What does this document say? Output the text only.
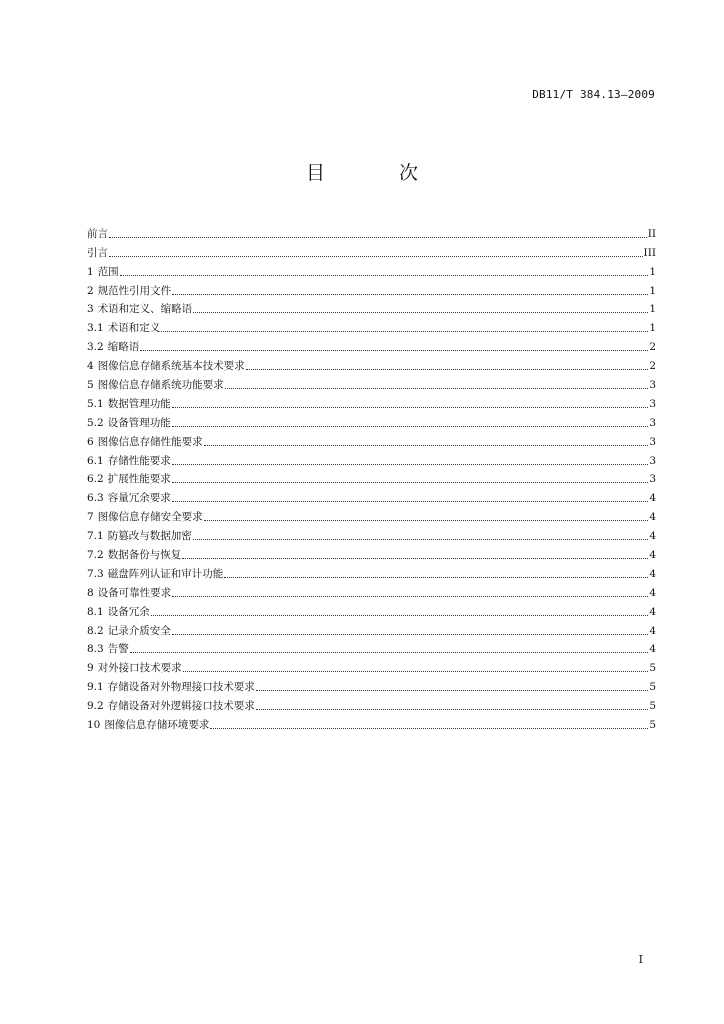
DB11/T 384.13—2009
目 次
前言	II
引言	III
1 范围	1
2 规范性引用文件	1
3 术语和定义、缩略语	1
3.1 术语和定义	1
3.2 缩略语	2
4 图像信息存储系统基本技术要求	2
5 图像信息存储系统功能要求	3
5.1 数据管理功能	3
5.2 设备管理功能	3
6 图像信息存储性能要求	3
6.1 存储性能要求	3
6.2 扩展性能要求	3
6.3 容量冗余要求	4
7 图像信息存储安全要求	4
7.1 防篡改与数据加密	4
7.2 数据备份与恢复	4
7.3 磁盘阵列认证和审计功能	4
8 设备可靠性要求	4
8.1 设备冗余	4
8.2 记录介质安全	4
8.3 告警	4
9 对外接口技术要求	5
9.1 存储设备对外物理接口技术要求	5
9.2 存储设备对外逻辑接口技术要求	5
10 图像信息存储环境要求	5
I
